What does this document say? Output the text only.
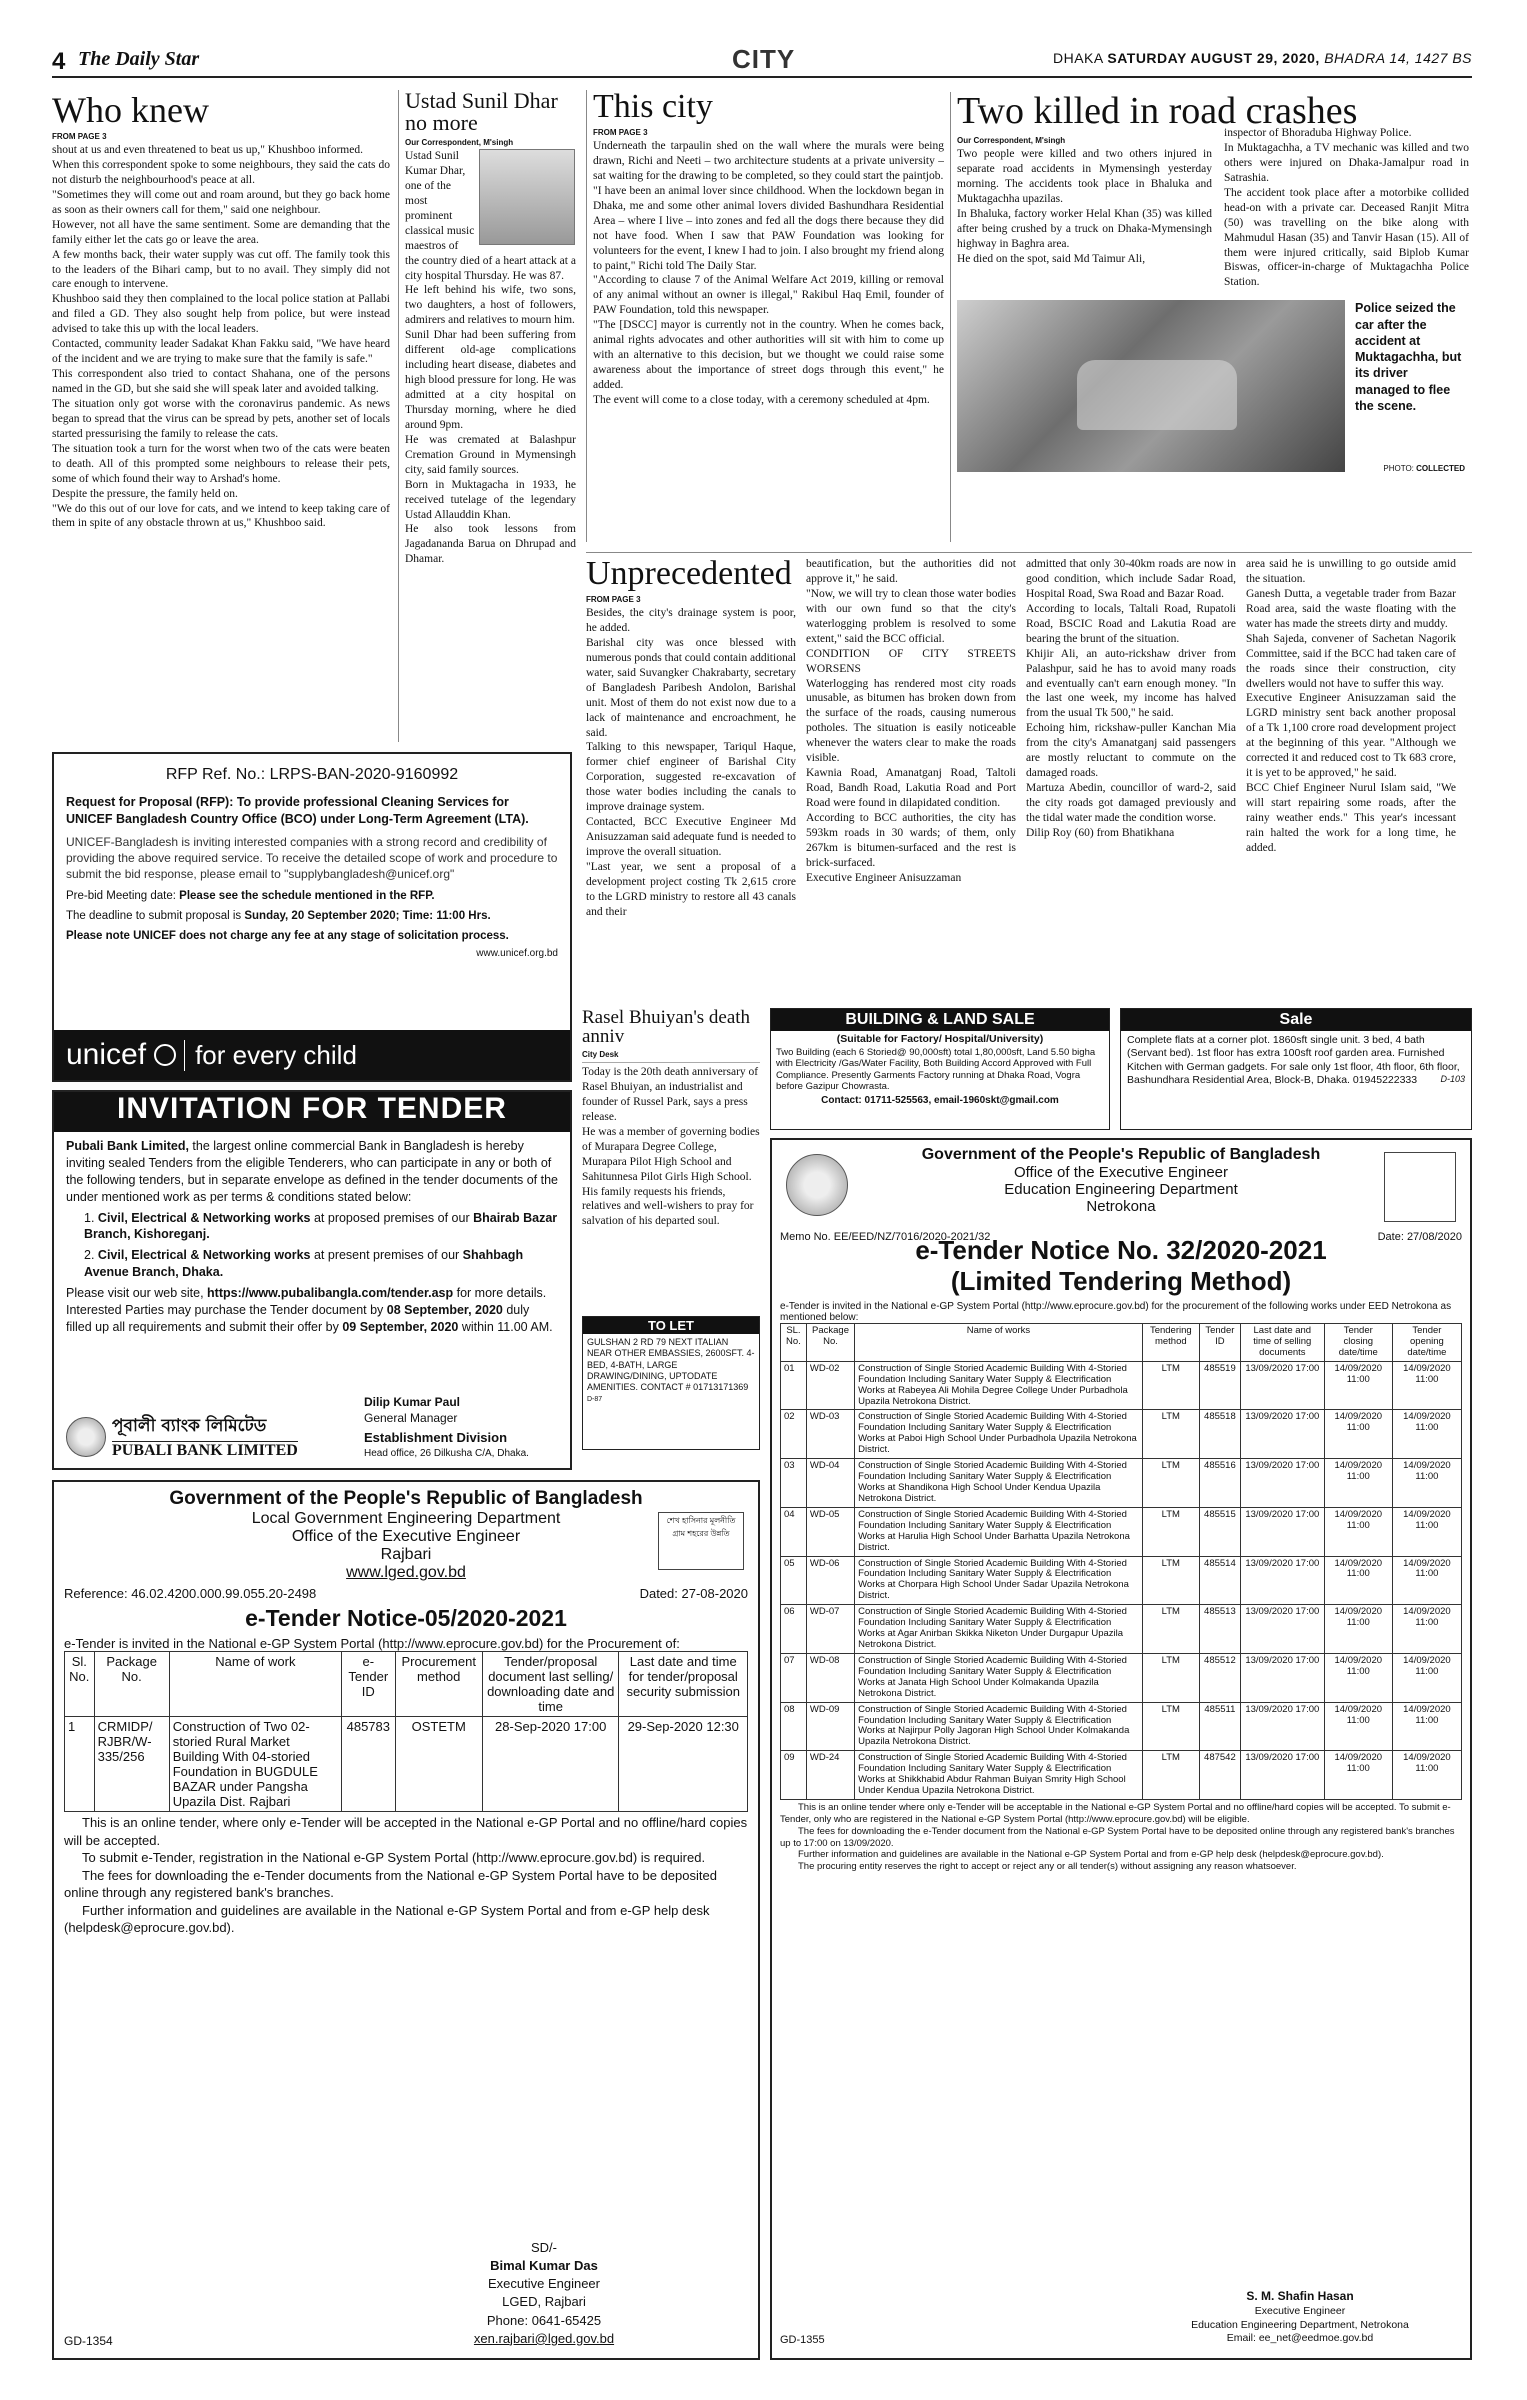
4 The Daily Star	CITY	DHAKA SATURDAY AUGUST 29, 2020, BHADRA 14, 1427 BS
Who knew
FROM PAGE 3
shout at us and even threatened to beat us up," Khushboo informed.
When this correspondent spoke to some neighbours, they said the cats do not disturb the neighbourhood's peace at all.
"Sometimes they will come out and roam around, but they go back home as soon as their owners call for them," said one neighbour.
However, not all have the same sentiment. Some are demanding that the family either let the cats go or leave the area.
A few months back, their water supply was cut off. The family took this to the leaders of the Bihari camp, but to no avail. They simply did not care enough to intervene.
Khushboo said they then complained to the local police station at Pallabi and filed a GD. They also sought help from police, but were instead advised to take this up with the local leaders.
Contacted, community leader Sadakat Khan Fakku said, "We have heard of the incident and we are trying to make sure that the family is safe."
This correspondent also tried to contact Shahana, one of the persons named in the GD, but she said she will speak later and avoided talking.
The situation only got worse with the coronavirus pandemic. As news began to spread that the virus can be spread by pets, another set of locals started pressurising the family to release the cats.
The situation took a turn for the worst when two of the cats were beaten to death. All of this prompted some neighbours to release their pets, some of which found their way to Arshad's home.
Despite the pressure, the family held on.
"We do this out of our love for cats, and we intend to keep taking care of them in spite of any obstacle thrown at us," Khushboo said.
Ustad Sunil Dhar no more
Our Correspondent, M'singh
Ustad Sunil Kumar Dhar, one of the most prominent classical music maestros of
the country died of a heart attack at a city hospital Thursday. He was 87.
He left behind his wife, two sons, two daughters, a host of followers, admirers and relatives to mourn him.
Sunil Dhar had been suffering from different old-age complications including heart disease, diabetes and high blood pressure for long. He was admitted at a city hospital on Thursday morning, where he died around 9pm.
He was cremated at Balashpur Cremation Ground in Mymensingh city, said family sources.
Born in Muktagacha in 1933, he received tutelage of the legendary Ustad Allauddin Khan.
He also took lessons from Jagadananda Barua on Dhrupad and Dhamar.
This city
FROM PAGE 3
Underneath the tarpaulin shed on the wall where the murals were being drawn, Richi and Neeti – two architecture students at a private university – sat waiting for the drawing to be completed, so they could start the paintjob.
"I have been an animal lover since childhood. When the lockdown began in Dhaka, me and some other animal lovers divided Bashundhara Residential Area – where I live – into zones and fed all the dogs there because they did not have food. When I saw that PAW Foundation was looking for volunteers for the event, I knew I had to join. I also brought my friend along to paint," Richi told The Daily Star.
"According to clause 7 of the Animal Welfare Act 2019, killing or removal of any animal without an owner is illegal," Rakibul Haq Emil, founder of PAW Foundation, told this newspaper.
"The [DSCC] mayor is currently not in the country. When he comes back, animal rights advocates and other authorities will sit with him to come up with an alternative to this decision, but we thought we could raise some awareness about the importance of street dogs through this event," he added.
The event will come to a close today, with a ceremony scheduled at 4pm.
Two killed in road crashes
Our Correspondent, M'singh
Two people were killed and two others injured in separate road accidents in Mymensingh yesterday morning. The accidents took place in Bhaluka and Muktagachha upazilas.
In Bhaluka, factory worker Helal Khan (35) was killed after being crushed by a truck on Dhaka-Mymensingh highway in Baghra area.
He died on the spot, said Md Taimur Ali,
inspector of Bhoraduba Highway Police.
In Muktagachha, a TV mechanic was killed and two others were injured on Dhaka-Jamalpur road in Satrashia.
The accident took place after a motorbike collided head-on with a private car. Deceased Ranjit Mitra (50) was travelling on the bike along with Mahmudul Hasan (35) and Tanvir Hasan (15). All of them were injured critically, said Biplob Kumar Biswas, officer-in-charge of Muktagachha Police Station.
Police seized the car after the accident at Muktagachha, but its driver managed to flee the scene.
PHOTO: COLLECTED
Unprecedented
FROM PAGE 3
Besides, the city's drainage system is poor, he added.
Barishal city was once blessed with numerous ponds that could contain additional water, said Suvangker Chakrabarty, secretary of Bangladesh Paribesh Andolon, Barishal unit. Most of them do not exist now due to a lack of maintenance and encroachment, he said.
Talking to this newspaper, Tariqul Haque, former chief engineer of Barishal City Corporation, suggested re-excavation of those water bodies including the canals to improve drainage system.
Contacted, BCC Executive Engineer Md Anisuzzaman said adequate fund is needed to improve the overall situation.
"Last year, we sent a proposal of a development project costing Tk 2,615 crore to the LGRD ministry to restore all 43 canals and their
beautification, but the authorities did not approve it," he said.
"Now, we will try to clean those water bodies with our own fund so that the city's waterlogging problem is resolved to some extent," said the BCC official.
CONDITION OF CITY STREETS WORSENS
Waterlogging has rendered most city roads unusable, as bitumen has broken down from the surface of the roads, causing numerous potholes. The situation is easily noticeable whenever the waters clear to make the roads visible.
Kawnia Road, Amanatganj Road, Taltoli Road, Bandh Road, Lakutia Road and Port Road were found in dilapidated condition.
According to BCC authorities, the city has 593km roads in 30 wards; of them, only 267km is bitumen-surfaced and the rest is brick-surfaced.
Executive Engineer Anisuzzaman
admitted that only 30-40km roads are now in good condition, which include Sadar Road, Hospital Road, Swa Road and Bazar Road.
According to locals, Taltali Road, Rupatoli Road, BSCIC Road and Lakutia Road are bearing the brunt of the situation.
Khijir Ali, an auto-rickshaw driver from Palashpur, said he has to avoid many roads and eventually can't earn enough money. "In the last one week, my income has halved from the usual Tk 500," he said.
Echoing him, rickshaw-puller Kanchan Mia from the city's Amanatganj said passengers are mostly reluctant to commute on the damaged roads.
Martuza Abedin, councillor of ward-2, said the city roads got damaged previously and the tidal water made the condition worse.
Dilip Roy (60) from Bhatikhana
area said he is unwilling to go outside amid the situation.
Ganesh Dutta, a vegetable trader from Bazar Road area, said the waste floating with the water has made the streets dirty and muddy.
Shah Sajeda, convener of Sachetan Nagorik Committee, said if the BCC had taken care of the roads since their construction, city dwellers would not have to suffer this way.
Executive Engineer Anisuzzaman said the LGRD ministry sent back another proposal of a Tk 1,100 crore road development project at the beginning of this year. "Although we corrected it and reduced cost to Tk 683 crore, it is yet to be approved," he said.
BCC Chief Engineer Nurul Islam said, "We will start repairing some roads, after the rainy weather ends." This year's incessant rain halted the work for a long time, he added.
RFP Ref. No.: LRPS-BAN-2020-9160992
Request for Proposal (RFP): To provide professional Cleaning Services for UNICEF Bangladesh Country Office (BCO) under Long-Term Agreement (LTA).
UNICEF-Bangladesh is inviting interested companies with a strong record and credibility of providing the above required service. To receive the detailed scope of work and procedure to submit the bid response, please email to "supplybangladesh@unicef.org"
Pre-bid Meeting date: Please see the schedule mentioned in the RFP.
The deadline to submit proposal is Sunday, 20 September 2020; Time: 11:00 Hrs.
Please note UNICEF does not charge any fee at any stage of solicitation process.
www.unicef.org.bd
unicef	for every child
INVITATION FOR TENDER
Pubali Bank Limited, the largest online commercial Bank in Bangladesh is hereby inviting sealed Tenders from the eligible Tenderers, who can participate in any or both of the following tenders, but in separate envelope as defined in the tender documents of the under mentioned work as per terms & conditions stated below:
1. Civil, Electrical & Networking works at proposed premises of our Bhairab Bazar Branch, Kishoreganj.
2. Civil, Electrical & Networking works at present premises of our Shahbagh Avenue Branch, Dhaka.
Please visit our web site, https://www.pubalibangla.com/tender.asp for more details. Interested Parties may purchase the Tender document by 08 September, 2020 duly filled up all requirements and submit their offer by 09 September, 2020 within 11.00 AM.
পূবালী ব্যাংক লিমিটেড
PUBALI BANK LIMITED
Dilip Kumar Paul
General Manager
Establishment Division
Head office, 26 Dilkusha C/A, Dhaka.
Government of the People's Republic of Bangladesh
Local Government Engineering Department
Office of the Executive Engineer
Rajbari
www.lged.gov.bd
শেখ হাসিনার মূলনীতি
গ্রাম শহরের উন্নতি
Reference: 46.02.4200.000.99.055.20-2498	Dated: 27-08-2020
e-Tender Notice-05/2020-2021
e-Tender is invited in the National e-GP System Portal (http://www.eprocure.gov.bd) for the Procurement of:
Sl. No.	Package No.	Name of work	e-Tender ID	Procurement method	Tender/proposal document last selling/ downloading date and time	Last date and time for tender/proposal security submission
1	CRMIDP/ RJBR/W-335/256	Construction of Two 02-storied Rural Market Building With 04-storied Foundation in BUGDULE BAZAR under Pangsha Upazila Dist. Rajbari	485783	OSTETM	28-Sep-2020 17:00	29-Sep-2020 12:30
This is an online tender, where only e-Tender will be accepted in the National e-GP Portal and no offline/hard copies will be accepted.
To submit e-Tender, registration in the National e-GP System Portal (http://www.eprocure.gov.bd) is required.
The fees for downloading the e-Tender documents from the National e-GP System Portal have to be deposited online through any registered bank's branches.
Further information and guidelines are available in the National e-GP System Portal and from e-GP help desk (helpdesk@eprocure.gov.bd).
SD/-
Bimal Kumar Das
Executive Engineer
LGED, Rajbari
Phone: 0641-65425
xen.rajbari@lged.gov.bd
GD-1354
Rasel Bhuiyan's death anniv
City Desk
Today is the 20th death anniversary of Rasel Bhuiyan, an industrialist and founder of Russel Park, says a press release.
He was a member of governing bodies of Murapara Degree College, Murapara Pilot High School and Sahitunnesa Pilot Girls High School.
His family requests his friends, relatives and well-wishers to pray for salvation of his departed soul.
TO LET
GULSHAN 2 RD 79 NEXT ITALIAN NEAR OTHER EMBASSIES, 2600SFT. 4-BED, 4-BATH, LARGE DRAWING/DINING, UPTODATE AMENITIES. CONTACT # 01713171369 D-87
BUILDING & LAND SALE
(Suitable for Factory/ Hospital/University)
Two Building (each 6 Storied@ 90,000sft) total 1,80,000sft, Land 5.50 bigha with Electricity /Gas/Water Facility, Both Building Accord Approved with Full Compliance. Presently Garments Factory running at Dhaka Road, Vogra before Gazipur Chowrasta.
Contact: 01711-525563, email-1960skt@gmail.com
Sale
Complete flats at a corner plot. 1860sft single unit. 3 bed, 4 bath (Servant bed). 1st floor has extra 100sft roof garden area. Furnished Kitchen with German gadgets. For sale only 1st floor, 4th floor, 6th floor, Bashundhara Residential Area, Block-B, Dhaka. 01945222333	D-103
Government of the People's Republic of Bangladesh
Office of the Executive Engineer
Education Engineering Department
Netrokona
Memo No. EE/EED/NZ/7016/2020-2021/32	Date: 27/08/2020
e-Tender Notice No. 32/2020-2021
(Limited Tendering Method)
e-Tender is invited in the National e-GP System Portal (http://www.eprocure.gov.bd) for the procurement of the following works under EED Netrokona as mentioned below:
SL. No.	Package No.	Name of works	Tendering method	Tender ID	Last date and time of selling documents	Tender closing date/time	Tender opening date/time
01	WD-02	Construction of Single Storied Academic Building With 4-Storied Foundation Including Sanitary Water Supply & Electrification Works at Rabeyea Ali Mohila Degree College Under Purbadhola Upazila Netrokona District.	LTM	485519	13/09/2020 17:00	14/09/2020 11:00	14/09/2020 11:00
02	WD-03	Construction of Single Storied Academic Building With 4-Storied Foundation Including Sanitary Water Supply & Electrification Works at Paboi High School Under Purbadhola Upazila Netrokona District.	LTM	485518	13/09/2020 17:00	14/09/2020 11:00	14/09/2020 11:00
03	WD-04	Construction of Single Storied Academic Building With 4-Storied Foundation Including Sanitary Water Supply & Electrification Works at Shandikona High School Under Kendua Upazila Netrokona District.	LTM	485516	13/09/2020 17:00	14/09/2020 11:00	14/09/2020 11:00
04	WD-05	Construction of Single Storied Academic Building With 4-Storied Foundation Including Sanitary Water Supply & Electrification Works at Harulia High School Under Barhatta Upazila Netrokona District.	LTM	485515	13/09/2020 17:00	14/09/2020 11:00	14/09/2020 11:00
05	WD-06	Construction of Single Storied Academic Building With 4-Storied Foundation Including Sanitary Water Supply & Electrification Works at Chorpara High School Under Sadar Upazila Netrokona District.	LTM	485514	13/09/2020 17:00	14/09/2020 11:00	14/09/2020 11:00
06	WD-07	Construction of Single Storied Academic Building With 4-Storied Foundation Including Sanitary Water Supply & Electrification Works at Agar Anirban Skikka Niketon Under Durgapur Upazila Netrokona District.	LTM	485513	13/09/2020 17:00	14/09/2020 11:00	14/09/2020 11:00
07	WD-08	Construction of Single Storied Academic Building With 4-Storied Foundation Including Sanitary Water Supply & Electrification Works at Janata High School Under Kolmakanda Upazila Netrokona District.	LTM	485512	13/09/2020 17:00	14/09/2020 11:00	14/09/2020 11:00
08	WD-09	Construction of Single Storied Academic Building With 4-Storied Foundation Including Sanitary Water Supply & Electrification Works at Najirpur Polly Jagoran High School Under Kolmakanda Upazila Netrokona District.	LTM	485511	13/09/2020 17:00	14/09/2020 11:00	14/09/2020 11:00
09	WD-24	Construction of Single Storied Academic Building With 4-Storied Foundation Including Sanitary Water Supply & Electrification Works at Shikkhabid Abdur Rahman Buiyan Smrity High School Under Kendua Upazila Netrokona District.	LTM	487542	13/09/2020 17:00	14/09/2020 11:00	14/09/2020 11:00
This is an online tender where only e-Tender will be acceptable in the National e-GP System Portal and no offline/hard copies will be accepted. To submit e-Tender, only who are registered in the National e-GP System Portal (http://www.eprocure.gov.bd) will be eligible.
The fees for downloading the e-Tender document from the National e-GP System Portal have to be deposited online through any registered bank's branches up to 17:00 on 13/09/2020.
Further information and guidelines are available in the National e-GP System Portal and from e-GP help desk (helpdesk@eprocure.gov.bd).
The procuring entity reserves the right to accept or reject any or all tender(s) without assigning any reason whatsoever.
S. M. Shafin Hasan
Executive Engineer
Education Engineering Department, Netrokona
Email: ee_net@eedmoe.gov.bd
GD-1355
